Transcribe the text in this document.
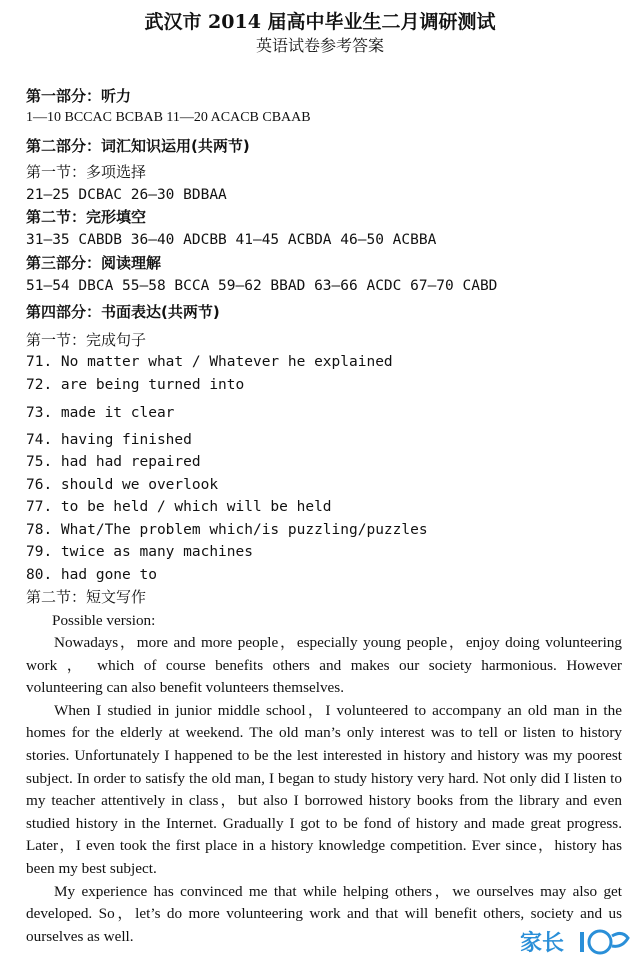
武汉市 2014 届高中毕业生二月调研测试
英语试卷参考答案
第一部分：听力
1—10 BCCAC BCBAB 11—20 ACACB CBAAB
第二部分：词汇知识运用(共两节)
第一节：多项选择
21—25 DCBAC 26—30 BDBAA
第二节：完形填空
31—35 CABDB 36—40 ADCBB 41—45 ACBDA 46—50 ACBBA
第三部分：阅读理解
51—54 DBCA 55—58 BCCA 59—62 BBAD 63—66 ACDC 67—70 CABD
第四部分：书面表达(共两节)
第一节：完成句子
71. No matter what / Whatever he explained
72. are being turned into
73. made it clear
74. having finished
75. had had repaired
76. should we overlook
77. to be held / which will be held
78. What/The problem which/is puzzling/puzzles
79. twice as many machines
80. had gone to
第二节：短文写作
Possible version:

Nowadays，more and more people，especially young people，enjoy doing volunteering work ， which of course benefits others and makes our society harmonious. However volunteering can also benefit volunteers themselves.

When I studied in junior middle school，I volunteered to accompany an old man in the homes for the elderly at weekend. The old man’s only interest was to tell or listen to history stories. Unfortunately I happened to be the lest interested in history and history was my poorest subject. In order to satisfy the old man, I began to study history very hard. Not only did I listen to my teacher attentively in class，but also I borrowed history books from the library and even studied history in the Internet. Gradually I got to be fond of history and made great progress. Later，I even took the first place in a history knowledge competition. Ever since，history has been my best subject.

My experience has convinced me that while helping others，we ourselves may also get developed. So，let’s do more volunteering work and that will benefit others, society and us ourselves as well.	家长
